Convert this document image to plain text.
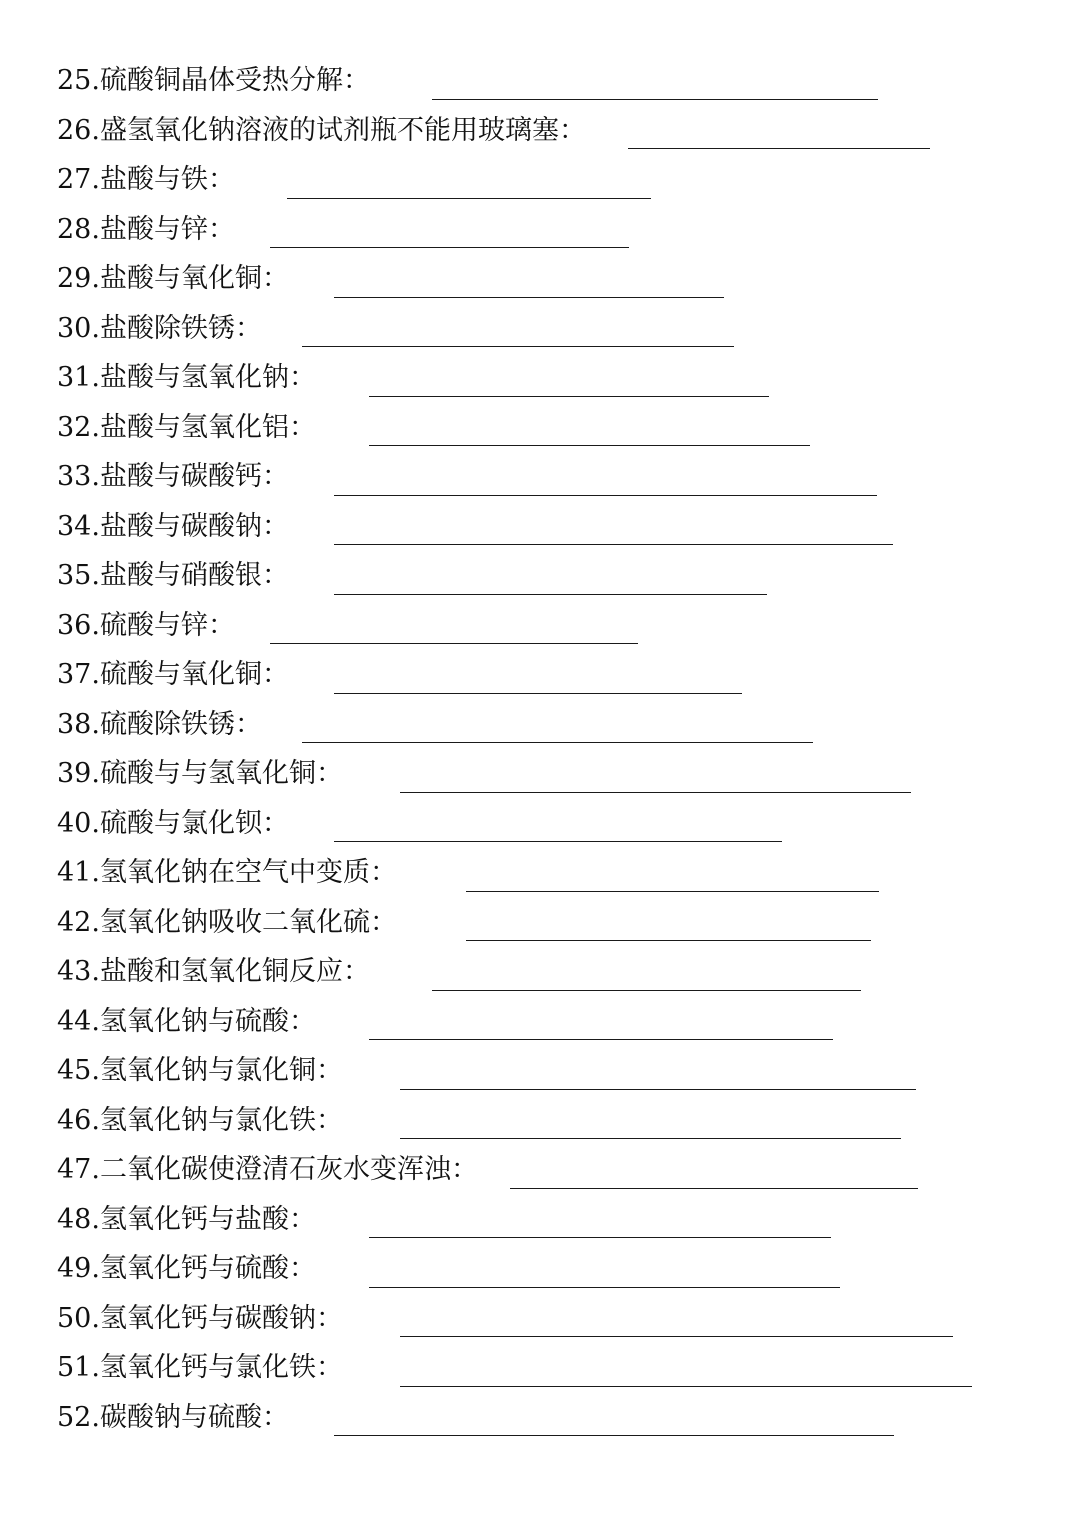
25. 硫酸铜晶体受热分解：
26. 盛氢氧化钠溶液的试剂瓶不能用玻璃塞：
27. 盐酸与铁：
28. 盐酸与锌：
29. 盐酸与氧化铜：
30. 盐酸除铁锈：
31. 盐酸与氢氧化钠：
32. 盐酸与氢氧化铝：
33. 盐酸与碳酸钙：
34. 盐酸与碳酸钠：
35. 盐酸与硝酸银：
36. 硫酸与锌：
37. 硫酸与氧化铜：
38. 硫酸除铁锈：
39. 硫酸与与氢氧化铜：
40. 硫酸与氯化钡：
41. 氢氧化钠在空气中变质：
42. 氢氧化钠吸收二氧化硫：
43. 盐酸和氢氧化铜反应：
44. 氢氧化钠与硫酸：
45. 氢氧化钠与氯化铜：
46. 氢氧化钠与氯化铁：
47. 二氧化碳使澄清石灰水变浑浊：
48. 氢氧化钙与盐酸：
49. 氢氧化钙与硫酸：
50. 氢氧化钙与碳酸钠：
51. 氢氧化钙与氯化铁：
52. 碳酸钠与硫酸：
